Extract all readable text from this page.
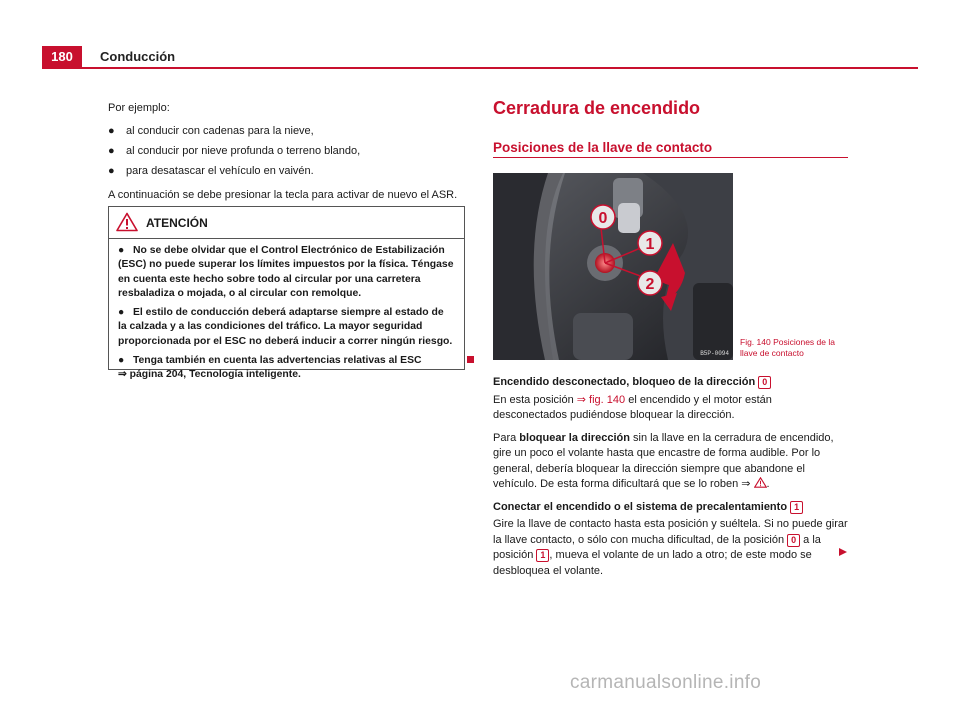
180	Conducción

Por ejemplo:

●	al conducir con cadenas para la nieve,
●	al conducir por nieve profunda o terreno blando,
●	para desatascar el vehículo en vaivén.

A continuación se debe presionar la tecla para activar de nuevo el ASR.

ATENCIÓN

● No se debe olvidar que el Control Electrónico de Estabilización (ESC) no puede superar los límites impuestos por la física. Téngase en cuenta este hecho sobre todo al circular por una carretera resbaladiza o mojada, o al circular con remolque.

● El estilo de conducción deberá adaptarse siempre al estado de la calzada y a las condiciones del tráfico. La mayor seguridad proporcionada por el ESC no deberá inducir a correr ningún riesgo.

● Tenga también en cuenta las advertencias relativas al ESC
⇒ página 204, Tecnología inteligente.

Cerradura de encendido
Posiciones de la llave de contacto
0
1
2
B5P-0094
Fig. 140 Posiciones de la llave de contacto

Encendido desconectado, bloqueo de la dirección 0

En esta posición ⇒ fig. 140 el encendido y el motor están desconectados pudiéndose bloquear la dirección.

Para bloquear la dirección sin la llave en la cerradura de encendido, gire un poco el volante hasta que encastre de forma audible. Por lo general, debería bloquear la dirección siempre que abandone el vehículo. De esta forma dificultará que se lo roben ⇒ .

Conectar el encendido o el sistema de precalentamiento 1

Gire la llave de contacto hasta esta posición y suéltela. Si no puede girar la llave contacto, o sólo con mucha dificultad, de la posición 0 a la posición 1 , mueva el volante de un lado a otro; de este modo se desbloquea el volante.

carmanualsonline.info
